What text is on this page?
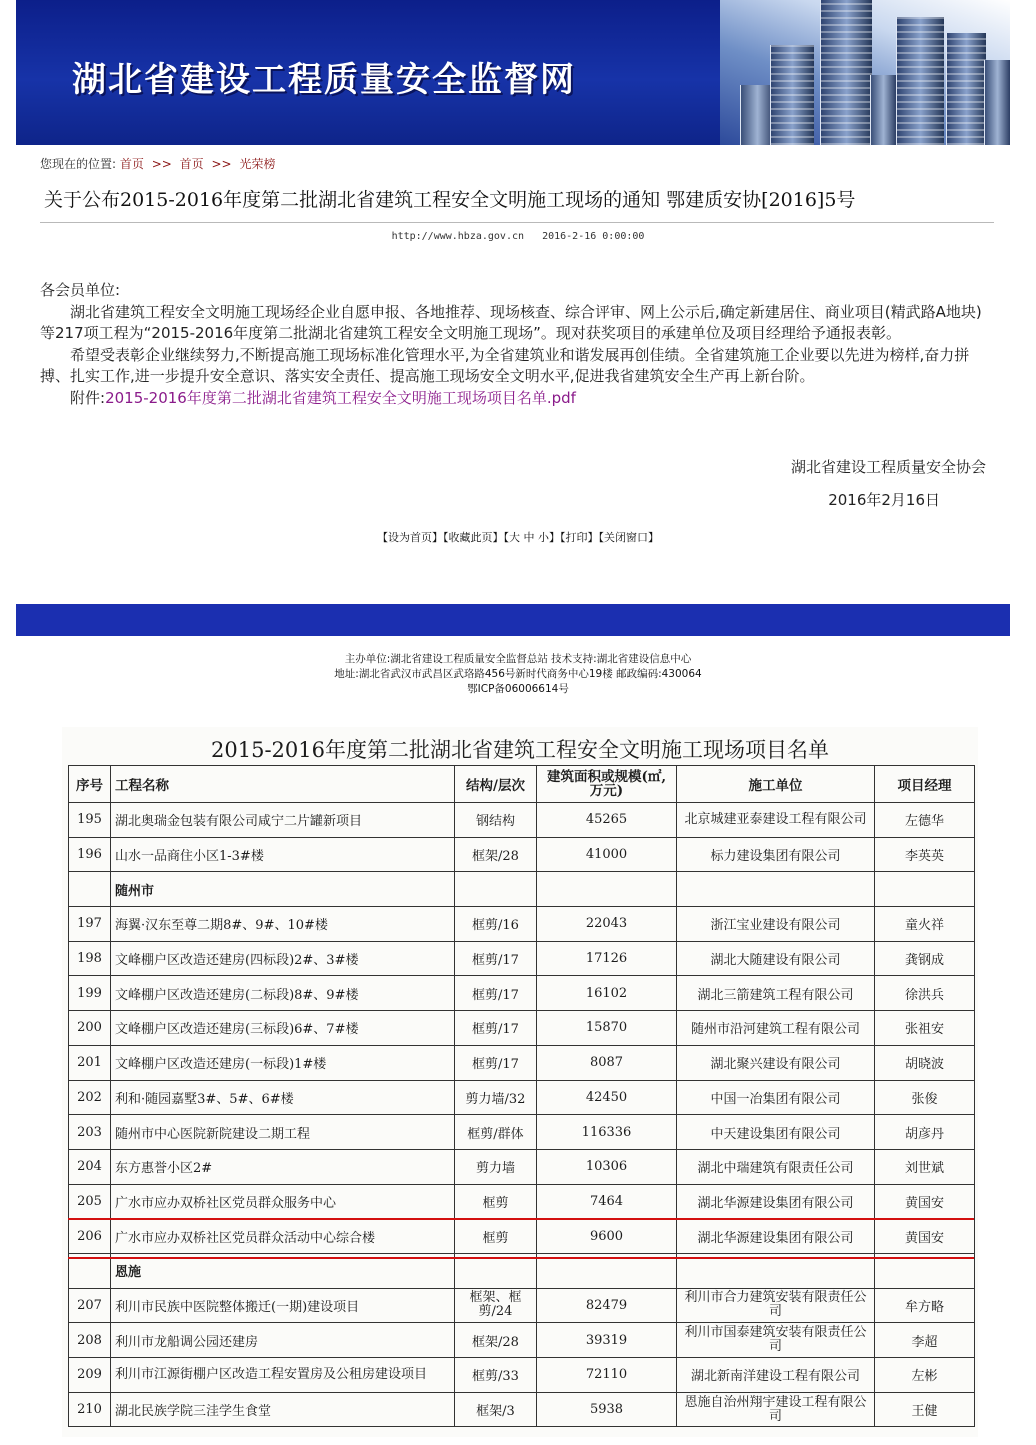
湖北省建设工程质量安全监督网
您现在的位置: 首页 >> 首页 >> 光荣榜
关于公布2015-2016年度第二批湖北省建筑工程安全文明施工现场的通知 鄂建质安协[2016]5号
http://www.hbza.gov.cn 2016-2-16 0:00:00

各会员单位:

湖北省建筑工程安全文明施工现场经企业自愿申报、各地推荐、现场核查、综合评审、网上公示后,确定新建居住、商业项目(精武路A地块)等217项工程为“2015-2016年度第二批湖北省建筑工程安全文明施工现场”。现对获奖项目的承建单位及项目经理给予通报表彰。

希望受表彰企业继续努力,不断提高施工现场标准化管理水平,为全省建筑业和谐发展再创佳绩。全省建筑施工企业要以先进为榜样,奋力拼搏、扎实工作,进一步提升安全意识、落实安全责任、提高施工现场安全文明水平,促进我省建筑安全生产再上新台阶。

附件:2015-2016年度第二批湖北省建筑工程安全文明施工现场项目名单.pdf

湖北省建设工程质量安全协会
2016年2月16日
【设为首页】【收藏此页】【大 中 小】【打印】【关闭窗口】
主办单位:湖北省建设工程质量安全监督总站 技术支持:湖北省建设信息中心
地址:湖北省武汉市武昌区武珞路456号新时代商务中心19楼 邮政编码:430064
鄂ICP备06006614号
2015-2016年度第二批湖北省建筑工程安全文明施工现场项目名单
序号	工程名称	结构/层次	建筑面积或规模(㎡,万元)	施工单位	项目经理
195	湖北奥瑞金包装有限公司咸宁二片罐新项目	钢结构	45265	北京城建亚泰建设工程有限公司	左德华
196	山水一品商住小区1-3#楼	框架/28	41000	标力建设集团有限公司	李英英
	随州市				
197	海翼·汉东至尊二期8#、9#、10#楼	框剪/16	22043	浙江宝业建设有限公司	童火祥
198	文峰棚户区改造还建房(四标段)2#、3#楼	框剪/17	17126	湖北大随建设有限公司	龚钢成
199	文峰棚户区改造还建房(二标段)8#、9#楼	框剪/17	16102	湖北三箭建筑工程有限公司	徐洪兵
200	文峰棚户区改造还建房(三标段)6#、7#楼	框剪/17	15870	随州市沿河建筑工程有限公司	张祖安
201	文峰棚户区改造还建房(一标段)1#楼	框剪/17	8087	湖北聚兴建设有限公司	胡晓波
202	利和·随园嘉墅3#、5#、6#楼	剪力墙/32	42450	中国一冶集团有限公司	张俊
203	随州市中心医院新院建设二期工程	框剪/群体	116336	中天建设集团有限公司	胡彦丹
204	东方惠誉小区2#	剪力墙	10306	湖北中瑞建筑有限责任公司	刘世斌
205	广水市应办双桥社区党员群众服务中心	框剪	7464	湖北华源建设集团有限公司	黄国安
206	广水市应办双桥社区党员群众活动中心综合楼	框剪	9600	湖北华源建设集团有限公司	黄国安
	恩施				
207	利川市民族中医院整体搬迁(一期)建设项目	框架、框剪/24	82479	利川市合力建筑安装有限责任公司	牟方略
208	利川市龙船调公园还建房	框架/28	39319	利川市国泰建筑安装有限责任公司	李超
209	利川市江源街棚户区改造工程安置房及公租房建设项目	框剪/33	72110	湖北新南洋建设工程有限公司	左彬
210	湖北民族学院三洼学生食堂	框架/3	5938	恩施自治州翔宇建设工程有限公司	王健
